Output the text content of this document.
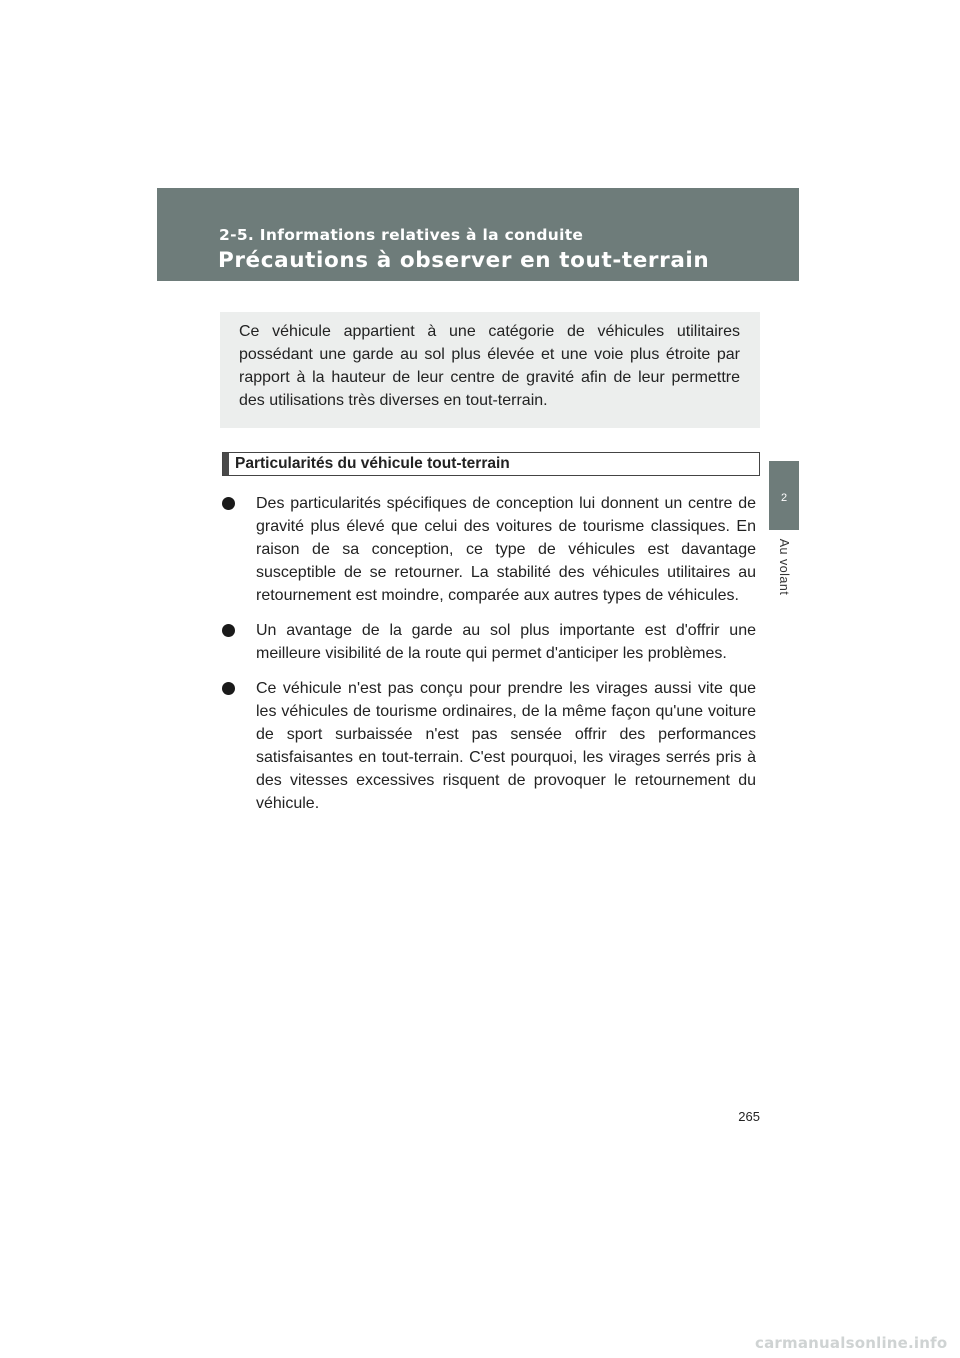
2-5. Informations relatives à la conduite
Précautions à observer en tout-terrain

Ce véhicule appartient à une catégorie de véhicules utilitaires possédant une garde au sol plus élevée et une voie plus étroite par rapport à la hauteur de leur centre de gravité afin de leur permettre des utilisations très diverses en tout-terrain.

Particularités du véhicule tout-terrain
Des particularités spécifiques de conception lui donnent un centre de gravité plus élevé que celui des voitures de tourisme classiques. En raison de sa conception, ce type de véhicules est davantage susceptible de se retourner. La stabilité des véhicules utilitaires au retournement est moindre, comparée aux autres types de véhicules.
Un avantage de la garde au sol plus importante est d'offrir une meilleure visibilité de la route qui permet d'anticiper les problèmes.
Ce véhicule n'est pas conçu pour prendre les virages aussi vite que les véhicules de tourisme ordinaires, de la même façon qu'une voiture de sport surbaissée n'est pas sensée offrir des performances satisfaisantes en tout-terrain. C'est pourquoi, les virages serrés pris à des vitesses excessives risquent de provoquer le retournement du véhicule.
2
Au volant
265
carmanualsonline.info
